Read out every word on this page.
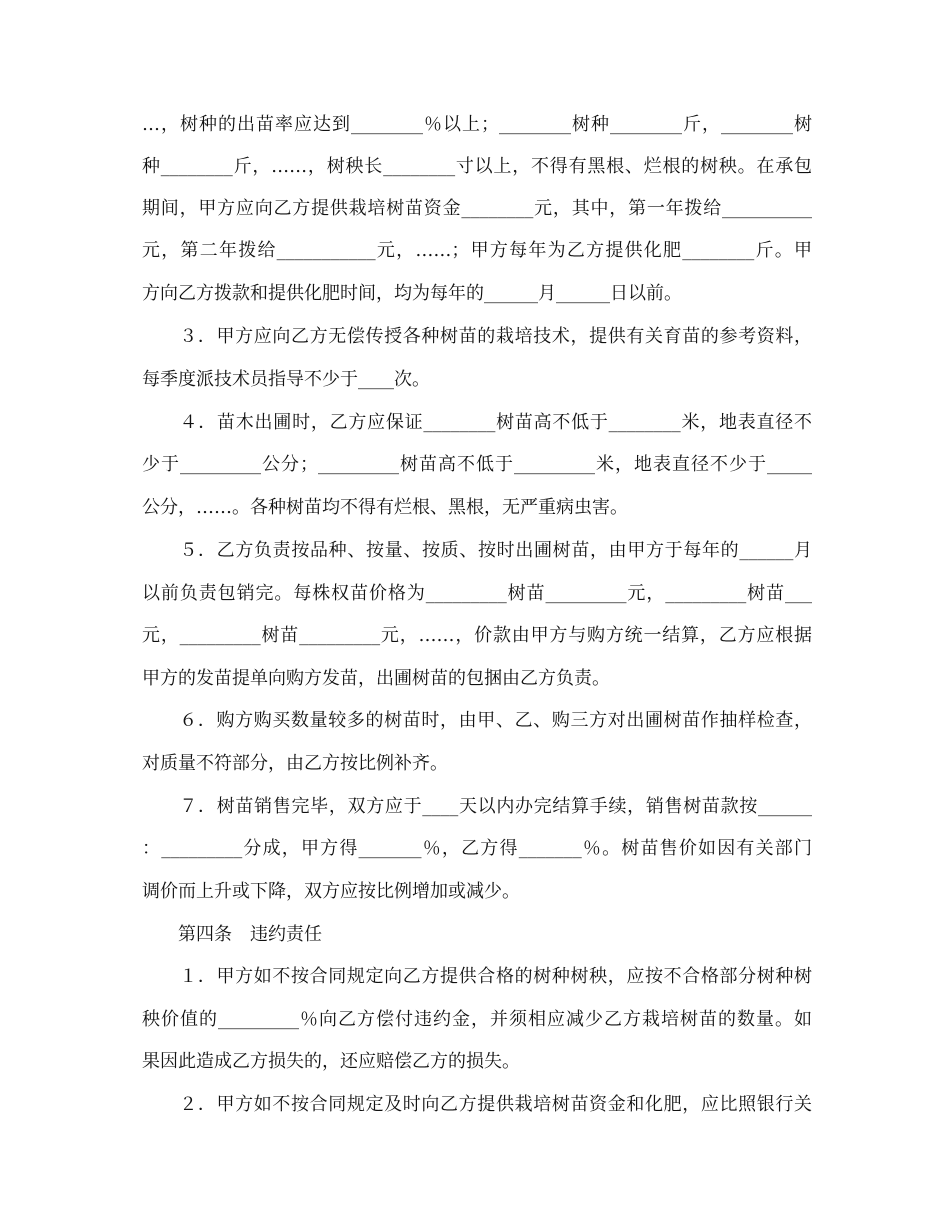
…，树种的出苗率应达到________％以上；________树种________斤，________树
种________斤，……，树秧长________寸以上，不得有黑根、烂根的树秧。在承包
期间，甲方应向乙方提供栽培树苗资金________元，其中，第一年拨给__________
元，第二年拨给___________元，……；甲方每年为乙方提供化肥________斤。甲
方向乙方拨款和提供化肥时间，均为每年的______月______日以前。
　　３．甲方应向乙方无偿传授各种树苗的栽培技术，提供有关育苗的参考资料，
每季度派技术员指导不少于____次。
　　４．苗木出圃时，乙方应保证________树苗高不低于________米，地表直径不
少于_________公分；_________树苗高不低于_________米，地表直径不少于_____
公分，……。各种树苗均不得有烂根、黑根，无严重病虫害。
　　５．乙方负责按品种、按量、按质、按时出圃树苗，由甲方于每年的______月
以前负责包销完。每株权苗价格为_________树苗_________元，_________树苗___
元，_________树苗_________元，……，价款由甲方与购方统一结算，乙方应根据
甲方的发苗提单向购方发苗，出圃树苗的包捆由乙方负责。
　　６．购方购买数量较多的树苗时，由甲、乙、购三方对出圃树苗作抽样检查，
对质量不符部分，由乙方按比例补齐。
　　７．树苗销售完毕，双方应于____天以内办完结算手续，销售树苗款按______
：_________分成，甲方得_______％，乙方得_______％。树苗售价如因有关部门
调价而上升或下降，双方应按比例增加或减少。
　　第四条　违约责任
　　１．甲方如不按合同规定向乙方提供合格的树种树秧，应按不合格部分树种树
秧价值的_________％向乙方偿付违约金，并须相应减少乙方栽培树苗的数量。如
果因此造成乙方损失的，还应赔偿乙方的损失。
　　２．甲方如不按合同规定及时向乙方提供栽培树苗资金和化肥，应比照银行关
